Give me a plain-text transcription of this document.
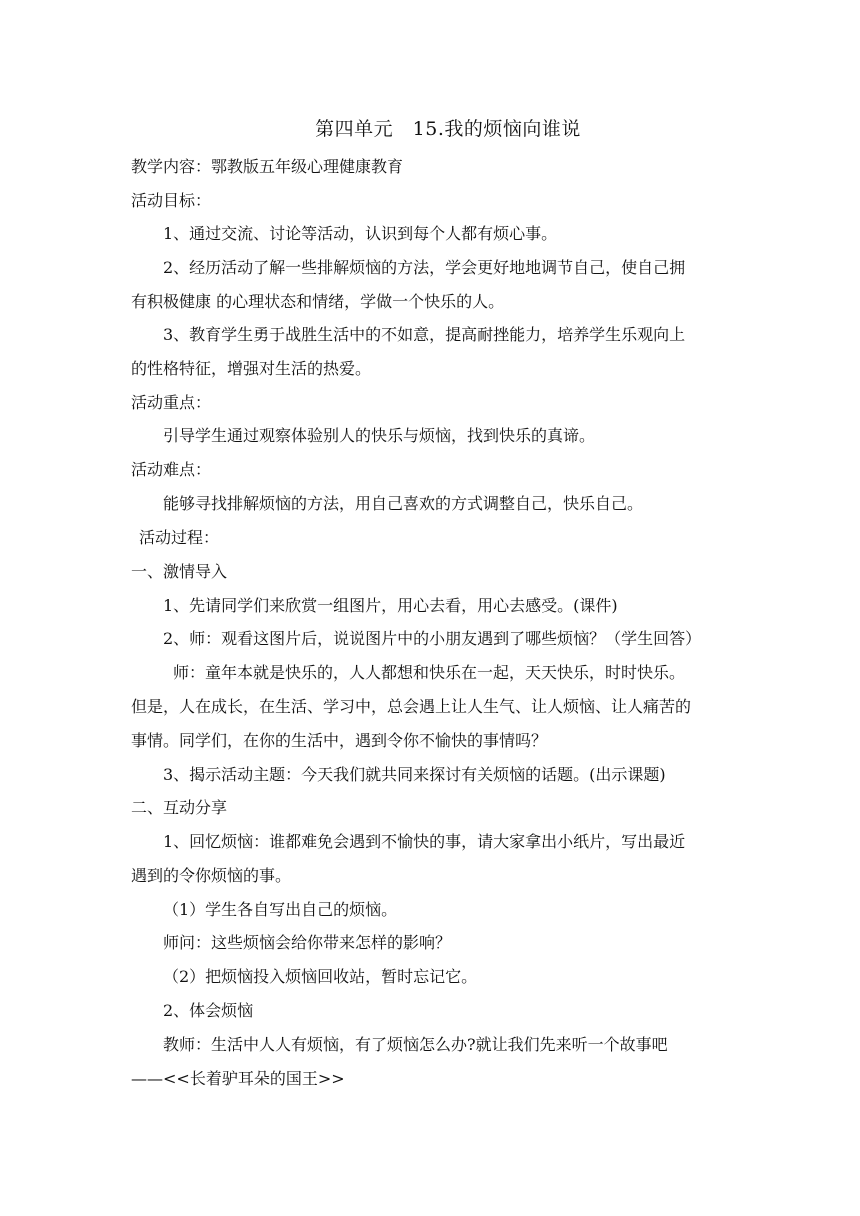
第四单元　15.我的烦恼向谁说
教学内容：鄂教版五年级心理健康教育
活动目标：
1、通过交流、讨论等活动，认识到每个人都有烦心事。
2、经历活动了解一些排解烦恼的方法，学会更好地地调节自己，使自己拥
有积极健康 的心理状态和情绪，学做一个快乐的人。
3、教育学生勇于战胜生活中的不如意，提高耐挫能力，培养学生乐观向上
的性格特征，增强对生活的热爱。
活动重点：
引导学生通过观察体验别人的快乐与烦恼，找到快乐的真谛。
活动难点：
能够寻找排解烦恼的方法，用自己喜欢的方式调整自己，快乐自己。
活动过程：
一、激情导入
1、先请同学们来欣赏一组图片，用心去看，用心去感受。(课件)
2、师：观看这图片后，说说图片中的小朋友遇到了哪些烦恼？（学生回答）
师：童年本就是快乐的，人人都想和快乐在一起，天天快乐，时时快乐。
但是，人在成长，在生活、学习中，总会遇上让人生气、让人烦恼、让人痛苦的
事情。同学们，在你的生活中，遇到令你不愉快的事情吗？
3、揭示活动主题：今天我们就共同来探讨有关烦恼的话题。(出示课题)
二、互动分享
1、回忆烦恼：谁都难免会遇到不愉快的事，请大家拿出小纸片，写出最近
遇到的令你烦恼的事。
（1）学生各自写出自己的烦恼。
师问：这些烦恼会给你带来怎样的影响？
（2）把烦恼投入烦恼回收站，暂时忘记它。
2、体会烦恼
教师：生活中人人有烦恼，有了烦恼怎么办?就让我们先来听一个故事吧
——<<长着驴耳朵的国王>>
